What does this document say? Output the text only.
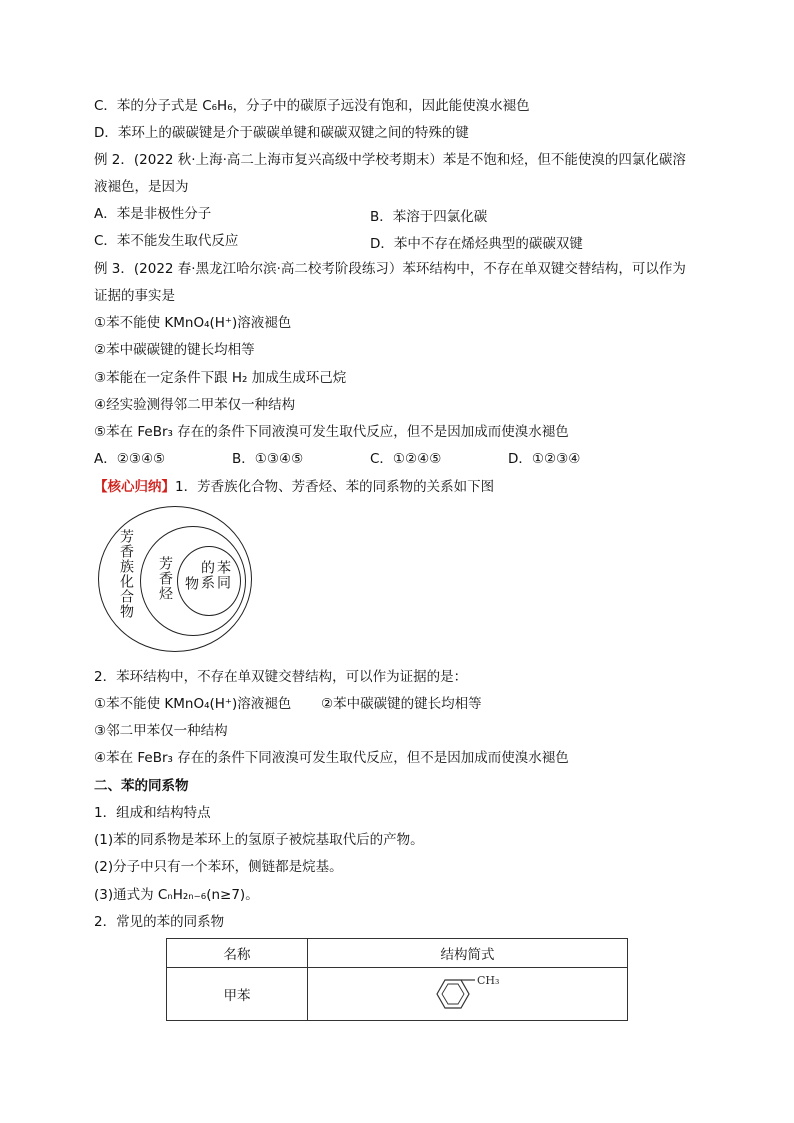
C．苯的分子式是 C₆H₆，分子中的碳原子远没有饱和，因此能使溴水褪色
D．苯环上的碳碳键是介于碳碳单键和碳碳双键之间的特殊的键
例 2．(2022 秋·上海·高二上海市复兴高级中学校考期末）苯是不饱和烃，但不能使溴的四氯化碳溶
液褪色，是因为
A．苯是非极性分子	B．苯溶于四氯化碳
C．苯不能发生取代反应	D．苯中不存在烯烃典型的碳碳双键
例 3．(2022 春·黑龙江哈尔滨·高二校考阶段练习）苯环结构中，不存在单双键交替结构，可以作为
证据的事实是
①苯不能使 KMnO₄(H⁺)溶液褪色
②苯中碳碳键的键长均相等
③苯能在一定条件下跟 H₂ 加成生成环己烷
④经实验测得邻二甲苯仅一种结构
⑤苯在 FeBr₃ 存在的条件下同液溴可发生取代反应，但不是因加成而使溴水褪色
A．②③④⑤	B．①③④⑤	C．①②④⑤	D．①②③④
【核心归纳】1．芳香族化合物、芳香烃、苯的同系物的关系如下图
芳香族化合物 芳香烃	苯同
的系
物
2．苯环结构中，不存在单双键交替结构，可以作为证据的是：
①苯不能使 KMnO₄(H⁺)溶液褪色 ②苯中碳碳键的键长均相等
③邻二甲苯仅一种结构
④苯在 FeBr₃ 存在的条件下同液溴可发生取代反应，但不是因加成而使溴水褪色
二、苯的同系物
1．组成和结构特点
(1)苯的同系物是苯环上的氢原子被烷基取代后的产物。
(2)分子中只有一个苯环，侧链都是烷基。
(3)通式为 CₙH₂ₙ₋₆(n≥7)。
2．常见的苯的同系物
名称	结构简式
甲苯	CH₃
